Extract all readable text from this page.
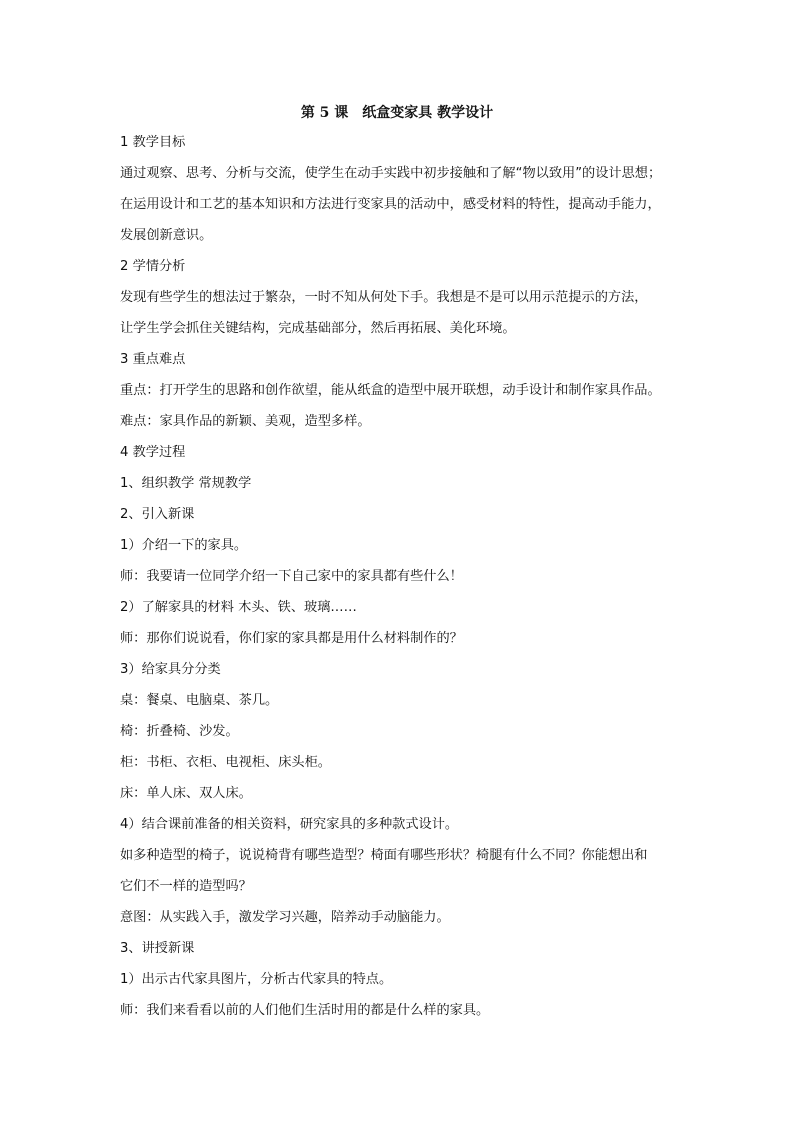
第 5 课　纸盒变家具 教学设计
1 教学目标
通过观察、思考、分析与交流，使学生在动手实践中初步接触和了解“物以致用”的设计思想；
在运用设计和工艺的基本知识和方法进行变家具的活动中，感受材料的特性，提高动手能力，
发展创新意识。
2 学情分析
发现有些学生的想法过于繁杂，一时不知从何处下手。我想是不是可以用示范提示的方法，
让学生学会抓住关键结构，完成基础部分，然后再拓展、美化环境。
3 重点难点
重点：打开学生的思路和创作欲望，能从纸盒的造型中展开联想，动手设计和制作家具作品。
难点：家具作品的新颖、美观，造型多样。
4 教学过程
1、组织教学 常规教学
2、引入新课
1）介绍一下的家具。
师：我要请一位同学介绍一下自己家中的家具都有些什么！
2）了解家具的材料 木头、铁、玻璃……
师：那你们说说看，你们家的家具都是用什么材料制作的？
3）给家具分分类
桌：餐桌、电脑桌、茶几。
椅：折叠椅、沙发。
柜：书柜、衣柜、电视柜、床头柜。
床：单人床、双人床。
4）结合课前准备的相关资料，研究家具的多种款式设计。
如多种造型的椅子，说说椅背有哪些造型？椅面有哪些形状？椅腿有什么不同？你能想出和
它们不一样的造型吗？
意图：从实践入手，激发学习兴趣，陪养动手动脑能力。
3、讲授新课
1）出示古代家具图片，分析古代家具的特点。
师：我们来看看以前的人们他们生活时用的都是什么样的家具。
